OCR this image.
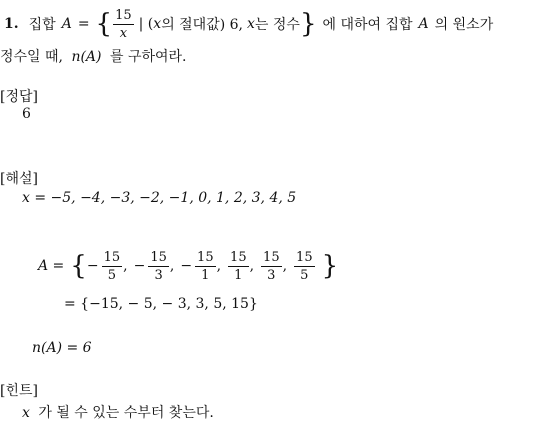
1. 집합 A = { $\frac{15}{x}$ | ( x 의 절대값) 6, x 는 정수 } 에 대하여 집합 A 의 원소가
정수일 때, n(A) 를 구하여라.
[정답]
6
[해설]
x = −5, −4, −3, −2, −1, 0, 1, 2, 3, 4, 5
A = { − $\frac{15}{5}$ , − $\frac{15}{3}$ , − $\frac{15}{1}$ , $\frac{15}{1}$ , $\frac{15}{3}$ , $\frac{15}{5}$ }
= {−15, − 5, − 3, 3, 5, 15}
n(A) = 6
[힌트]
x 가 될 수 있는 수부터 찾는다.
